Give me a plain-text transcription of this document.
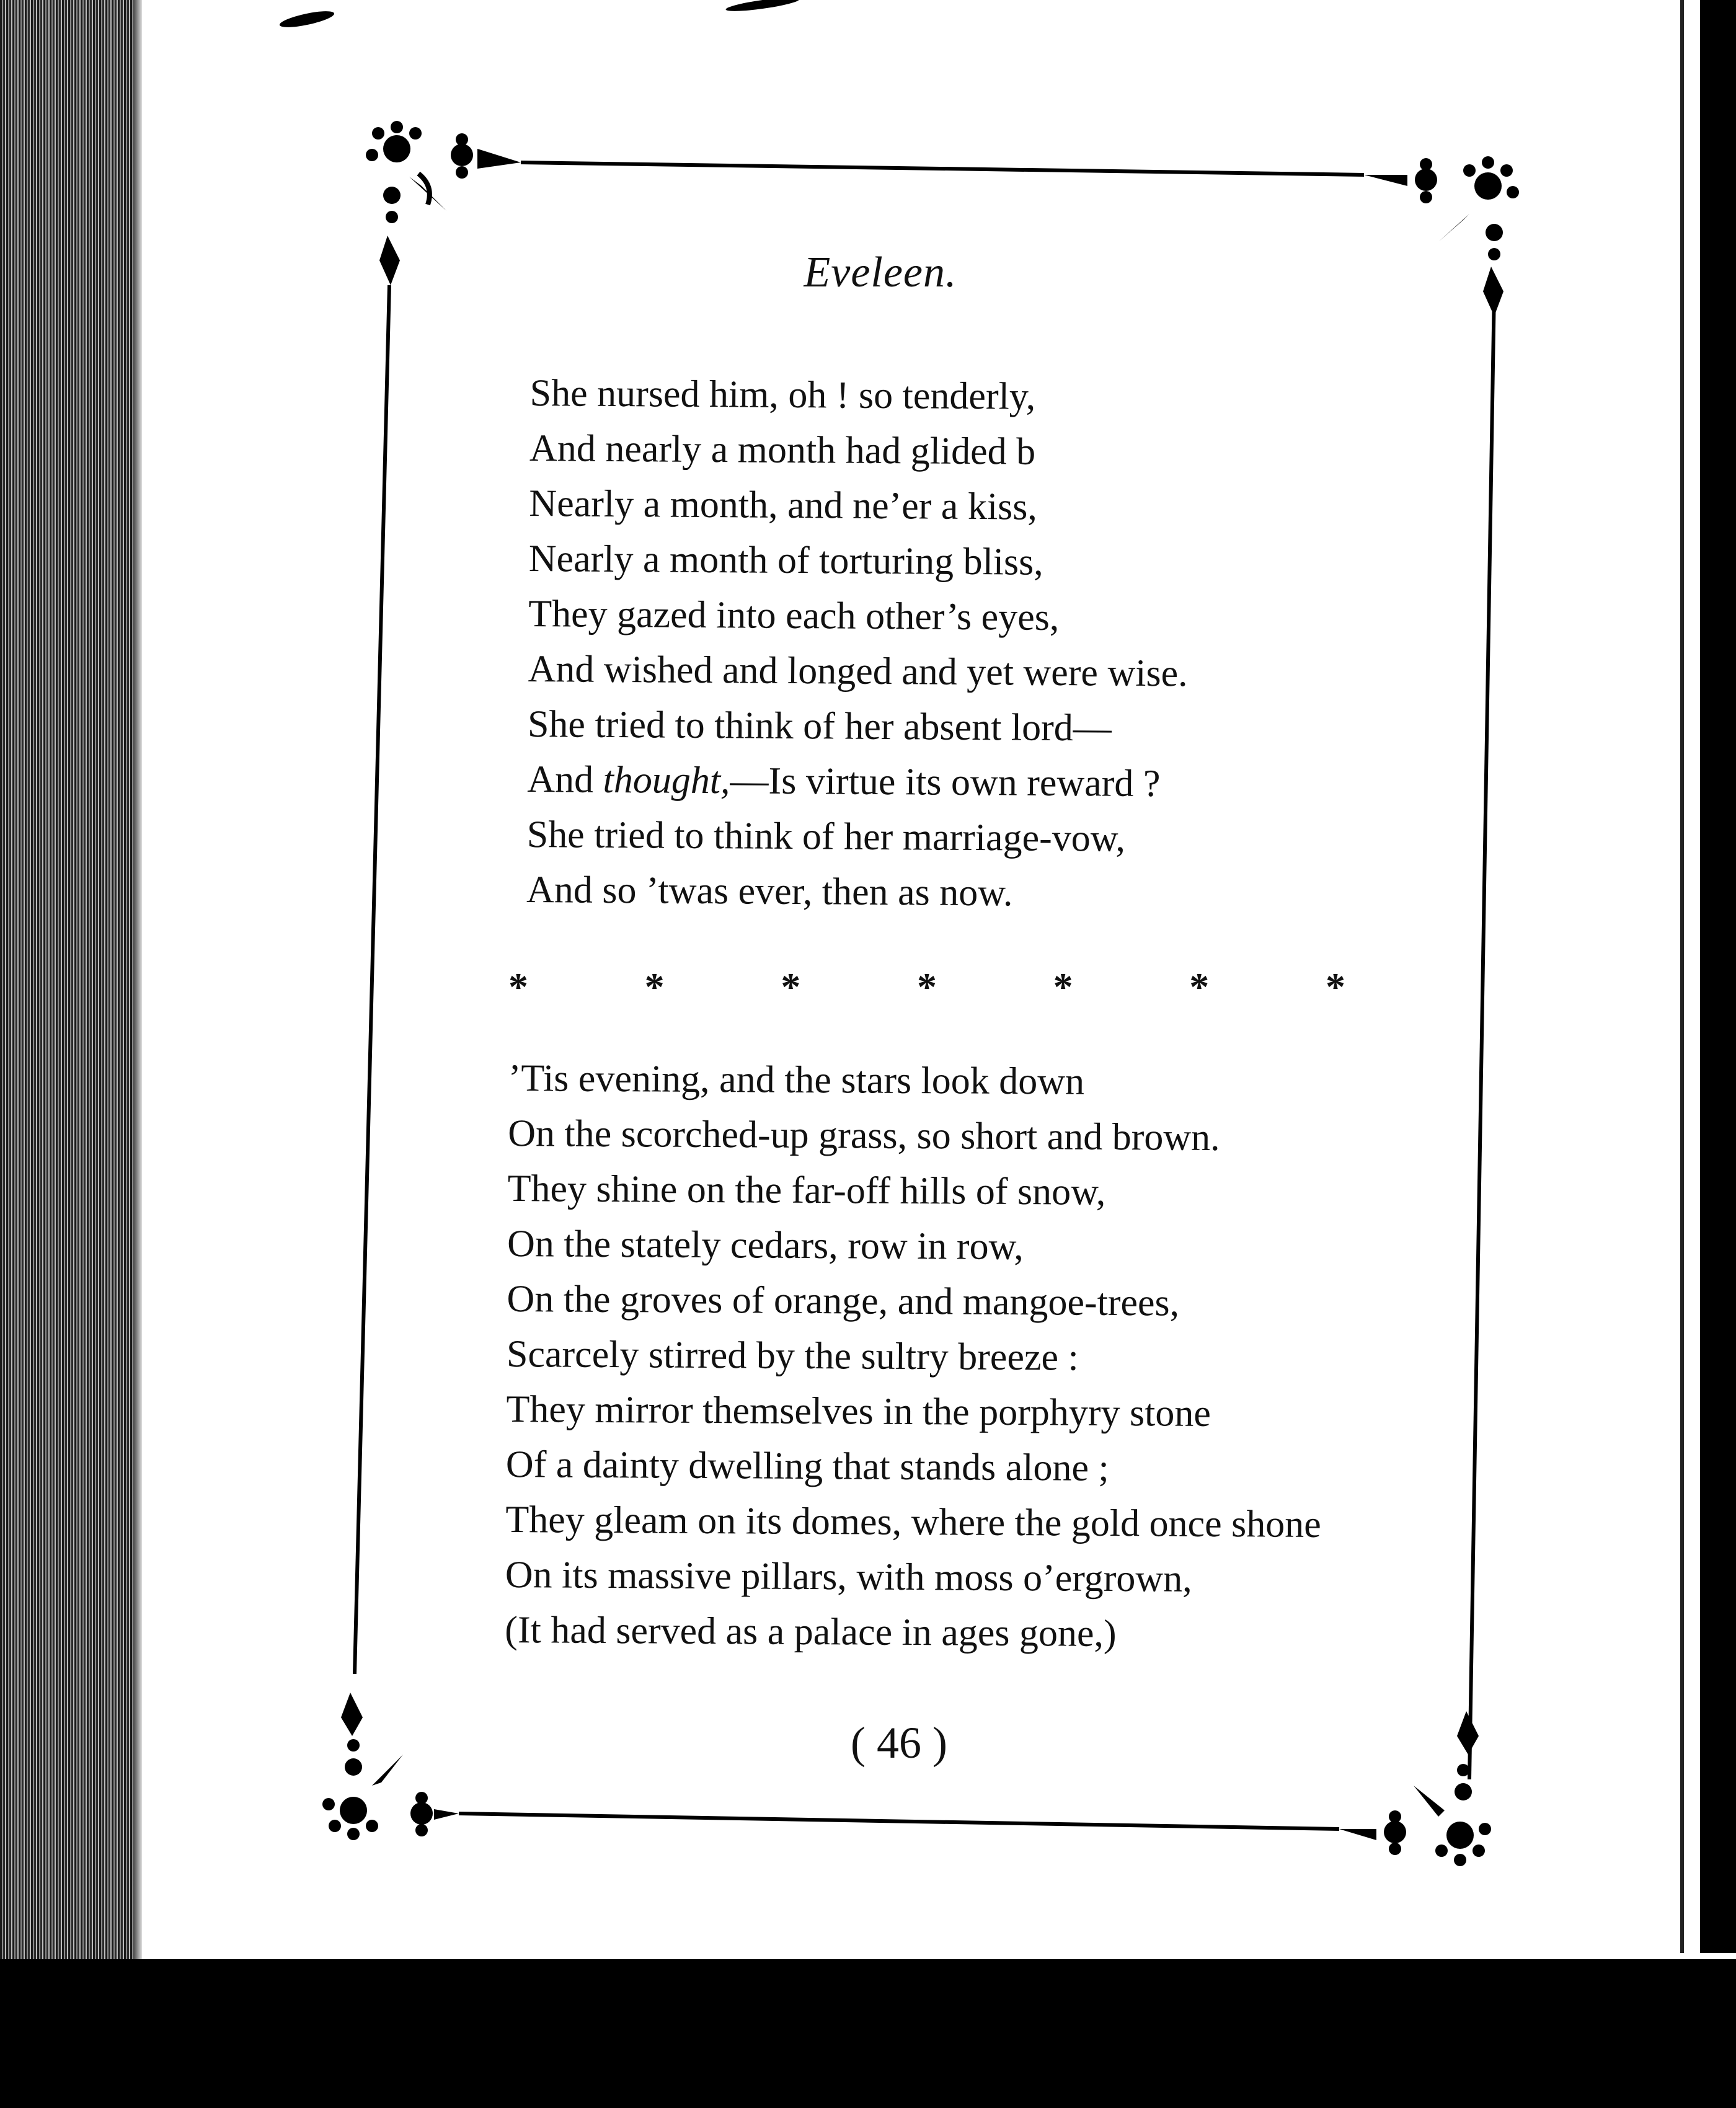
Eveleen.
She nursed him, oh ! so tenderly,
And nearly a month had glided b
Nearly a month, and ne’er a kiss,
Nearly a month of torturing bliss,
They gazed into each other’s eyes,
And wished and longed and yet were wise.
She tried to think of her absent lord—
And thought,—Is virtue its own reward ?
She tried to think of her marriage-vow,
And so ’twas ever, then as now.
*	*	*	*	*	*	*
’Tis evening, and the stars look down
On the scorched-up grass, so short and brown.
They shine on the far-off hills of snow,
On the stately cedars, row in row,
On the groves of orange, and mangoe-trees,
Scarcely stirred by the sultry breeze :
They mirror themselves in the porphyry stone
Of a dainty dwelling that stands alone ;
They gleam on its domes, where the gold once shone
On its massive pillars, with moss o’ergrown,
(It had served as a palace in ages gone,)
( 46 )
